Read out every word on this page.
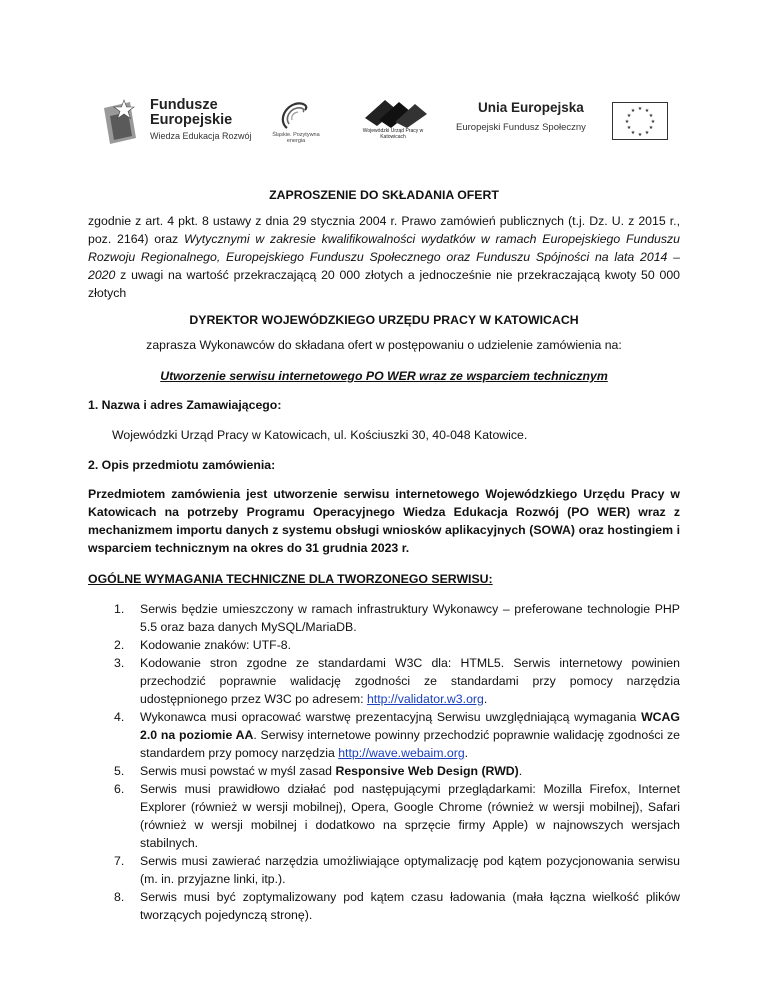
Fundusze Europejskie
Wiedza Edukacja Rozwój	Śląskie. Pozytywna energia
Wojewódzki Urząd Pracy w Katowicach
Unia Europejska
Europejski Fundusz Społeczny
★ ★
★
★
★
★
★
★
★
★
★
★
ZAPROSZENIE DO SKŁADANIA OFERT
zgodnie z art. 4 pkt. 8 ustawy z dnia 29 stycznia 2004 r. Prawo zamówień publicznych (t.j. Dz. U. z 2015 r., poz. 2164) oraz Wytycznymi w zakresie kwalifikowalności wydatków w ramach Europejskiego Funduszu Rozwoju Regionalnego, Europejskiego Funduszu Społecznego oraz Funduszu Spójności na lata 2014 – 2020 z uwagi na wartość przekraczającą 20 000 złotych a jednocześnie nie przekraczającą kwoty 50 000 złotych
DYREKTOR WOJEWÓDZKIEGO URZĘDU PRACY W KATOWICACH
zaprasza Wykonawców do składana ofert w postępowaniu o udzielenie zamówienia na:
Utworzenie serwisu internetowego PO WER wraz ze wsparciem technicznym
1. Nazwa i adres Zamawiającego:
Wojewódzki Urząd Pracy w Katowicach, ul. Kościuszki 30, 40-048 Katowice.
2. Opis przedmiotu zamówienia:
Przedmiotem zamówienia jest utworzenie serwisu internetowego Wojewódzkiego Urzędu Pracy w Katowicach na potrzeby Programu Operacyjnego Wiedza Edukacja Rozwój (PO WER) wraz z mechanizmem importu danych z systemu obsługi wniosków aplikacyjnych (SOWA) oraz hostingiem i wsparciem technicznym na okres do 31 grudnia 2023 r.
OGÓLNE WYMAGANIA TECHNICZNE DLA TWORZONEGO SERWISU:
1. Serwis będzie umieszczony w ramach infrastruktury Wykonawcy – preferowane technologie PHP 5.5 oraz baza danych MySQL/MariaDB.
2. Kodowanie znaków: UTF-8.
3. Kodowanie stron zgodne ze standardami W3C dla: HTML5. Serwis internetowy powinien przechodzić poprawnie walidację zgodności ze standardami przy pomocy narzędzia udostępnionego przez W3C po adresem: http://validator.w3.org.
4. Wykonawca musi opracować warstwę prezentacyjną Serwisu uwzględniającą wymagania WCAG 2.0 na poziomie AA. Serwisy internetowe powinny przechodzić poprawnie walidację zgodności ze standardem przy pomocy narzędzia http://wave.webaim.org.
5. Serwis musi powstać w myśl zasad Responsive Web Design (RWD).
6. Serwis musi prawidłowo działać pod następującymi przeglądarkami: Mozilla Firefox, Internet Explorer (również w wersji mobilnej), Opera, Google Chrome (również w wersji mobilnej), Safari (również w wersji mobilnej i dodatkowo na sprzęcie firmy Apple) w najnowszych wersjach stabilnych.
7. Serwis musi zawierać narzędzia umożliwiające optymalizację pod kątem pozycjonowania serwisu (m. in. przyjazne linki, itp.).
8. Serwis musi być zoptymalizowany pod kątem czasu ładowania (mała łączna wielkość plików tworzących pojedynczą stronę).
